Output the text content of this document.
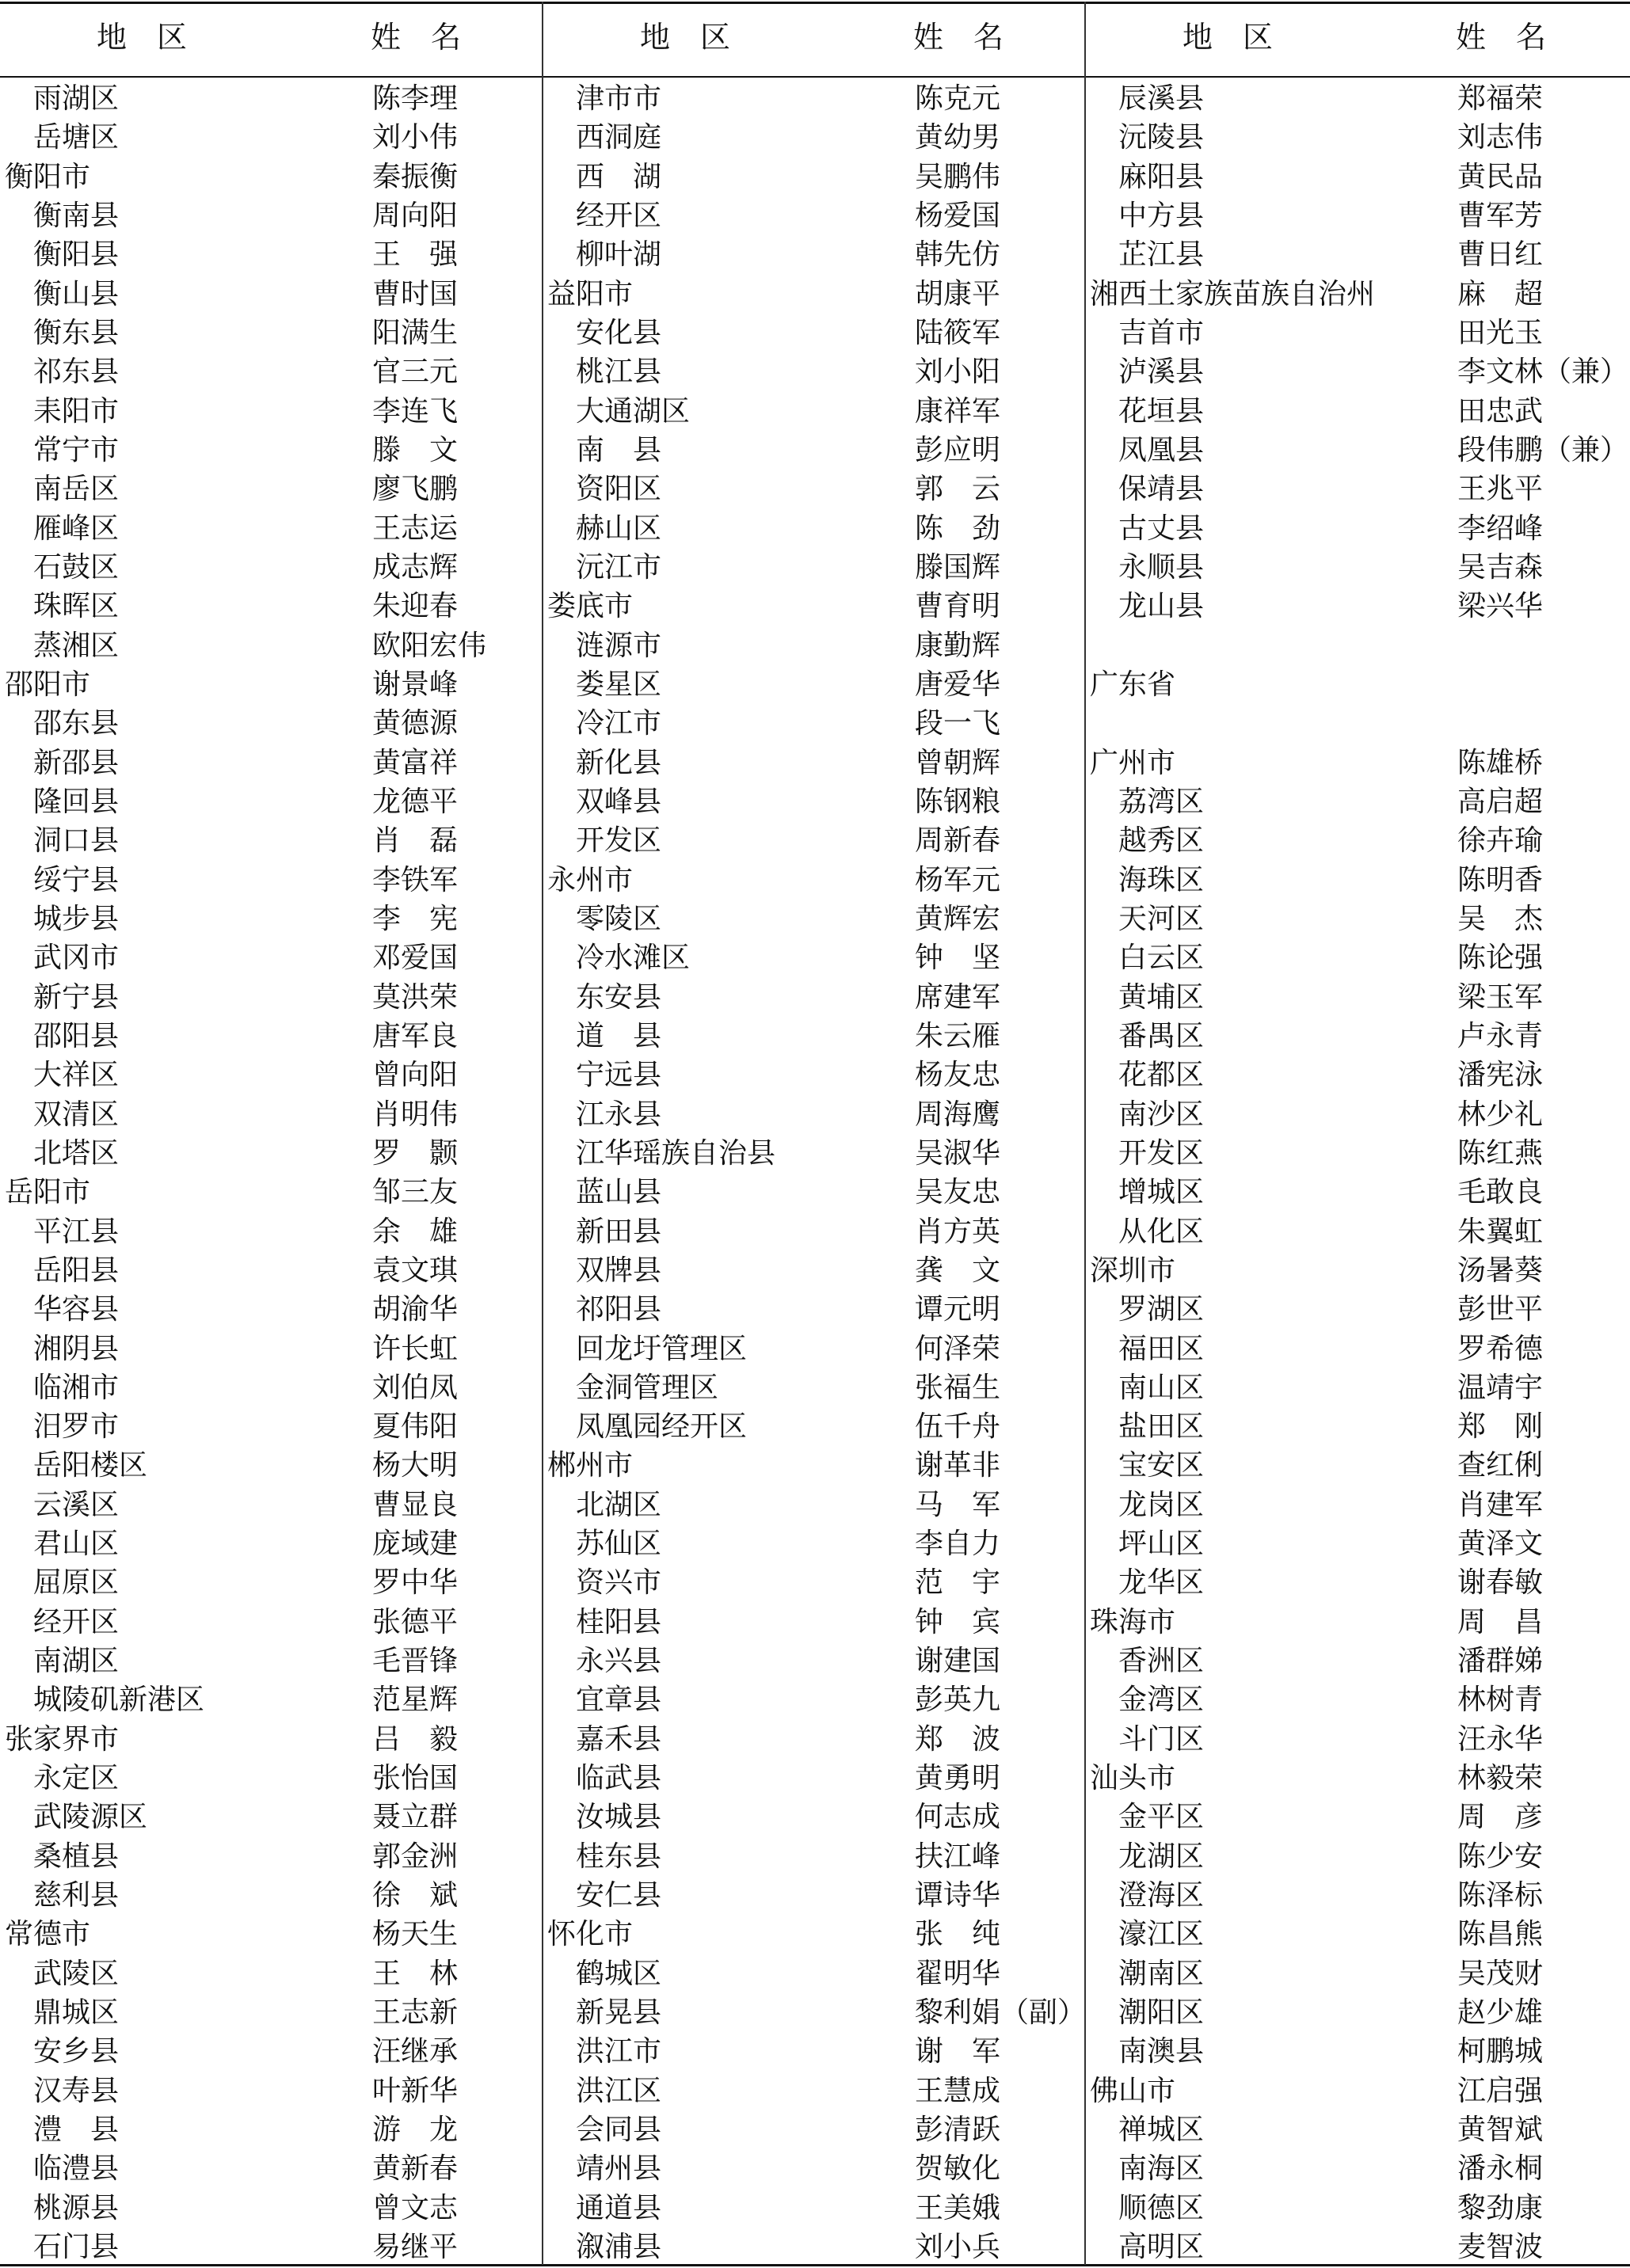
地　区	姓　名	地　区	姓　名	地　区	姓　名
雨湖区	陈李理
岳塘区	刘小伟
衡阳市	秦振衡
衡南县	周向阳
衡阳县	王　强
衡山县	曹时国
衡东县	阳满生
祁东县	官三元
耒阳市	李连飞
常宁市	滕　文
南岳区	廖飞鹏
雁峰区	王志运
石鼓区	成志辉
珠晖区	朱迎春
蒸湘区	欧阳宏伟
邵阳市	谢景峰
邵东县	黄德源
新邵县	黄富祥
隆回县	龙德平
洞口县	肖　磊
绥宁县	李铁军
城步县	李　宪
武冈市	邓爱国
新宁县	莫洪荣
邵阳县	唐军良
大祥区	曾向阳
双清区	肖明伟
北塔区	罗　颢
岳阳市	邹三友
平江县	余　雄
岳阳县	袁文琪
华容县	胡渝华
湘阴县	许长虹
临湘市	刘伯凤
汨罗市	夏伟阳
岳阳楼区	杨大明
云溪区	曹显良
君山区	庞域建
屈原区	罗中华
经开区	张德平
南湖区	毛晋锋
城陵矶新港区	范星辉
张家界市	吕　毅
永定区	张怡国
武陵源区	聂立群
桑植县	郭金洲
慈利县	徐　斌
常德市	杨天生
武陵区	王　林
鼎城区	王志新
安乡县	汪继承
汉寿县	叶新华
澧　县	游　龙
临澧县	黄新春
桃源县	曾文志
石门县	易继平
津市市	陈克元
西洞庭	黄幼男
西　湖	吴鹏伟
经开区	杨爱国
柳叶湖	韩先仿
益阳市	胡康平
安化县	陆筱军
桃江县	刘小阳
大通湖区	康祥军
南　县	彭应明
资阳区	郭　云
赫山区	陈　劲
沅江市	滕国辉
娄底市	曹育明
涟源市	康勤辉
娄星区	唐爱华
冷江市	段一飞
新化县	曾朝辉
双峰县	陈钢粮
开发区	周新春
永州市	杨军元
零陵区	黄辉宏
冷水滩区	钟　坚
东安县	席建军
道　县	朱云雁
宁远县	杨友忠
江永县	周海鹰
江华瑶族自治县	吴淑华
蓝山县	吴友忠
新田县	肖方英
双牌县	龚　文
祁阳县	谭元明
回龙圩管理区	何泽荣
金洞管理区	张福生
凤凰园经开区	伍千舟
郴州市	谢革非
北湖区	马　军
苏仙区	李自力
资兴市	范　宇
桂阳县	钟　宾
永兴县	谢建国
宜章县	彭英九
嘉禾县	郑　波
临武县	黄勇明
汝城县	何志成
桂东县	扶江峰
安仁县	谭诗华
怀化市	张　纯
鹤城区	翟明华
新晃县	黎利娟（副）
洪江市	谢　军
洪江区	王慧成
会同县	彭清跃
靖州县	贺敏化
通道县	王美娥
溆浦县	刘小兵
辰溪县	郑福荣
沅陵县	刘志伟
麻阳县	黄民品
中方县	曹军芳
芷江县	曹日红
湘西土家族苗族自治州	麻　超
吉首市	田光玉
泸溪县	李文林（兼）
花垣县	田忠武
凤凰县	段伟鹏（兼）
保靖县	王兆平
古丈县	李绍峰
永顺县	吴吉森
龙山县	梁兴华
广东省
广州市	陈雄桥
荔湾区	高启超
越秀区	徐卉瑜
海珠区	陈明香
天河区	吴　杰
白云区	陈论强
黄埔区	梁玉军
番禺区	卢永青
花都区	潘宪泳
南沙区	林少礼
开发区	陈红燕
增城区	毛敢良
从化区	朱翼虹
深圳市	汤暑葵
罗湖区	彭世平
福田区	罗希德
南山区	温靖宇
盐田区	郑　刚
宝安区	查红俐
龙岗区	肖建军
坪山区	黄泽文
龙华区	谢春敏
珠海市	周　昌
香洲区	潘群娣
金湾区	林树青
斗门区	汪永华
汕头市	林毅荣
金平区	周　彦
龙湖区	陈少安
澄海区	陈泽标
濠江区	陈昌熊
潮南区	吴茂财
潮阳区	赵少雄
南澳县	柯鹏城
佛山市	江启强
禅城区	黄智斌
南海区	潘永桐
顺德区	黎劲康
高明区	麦智波
